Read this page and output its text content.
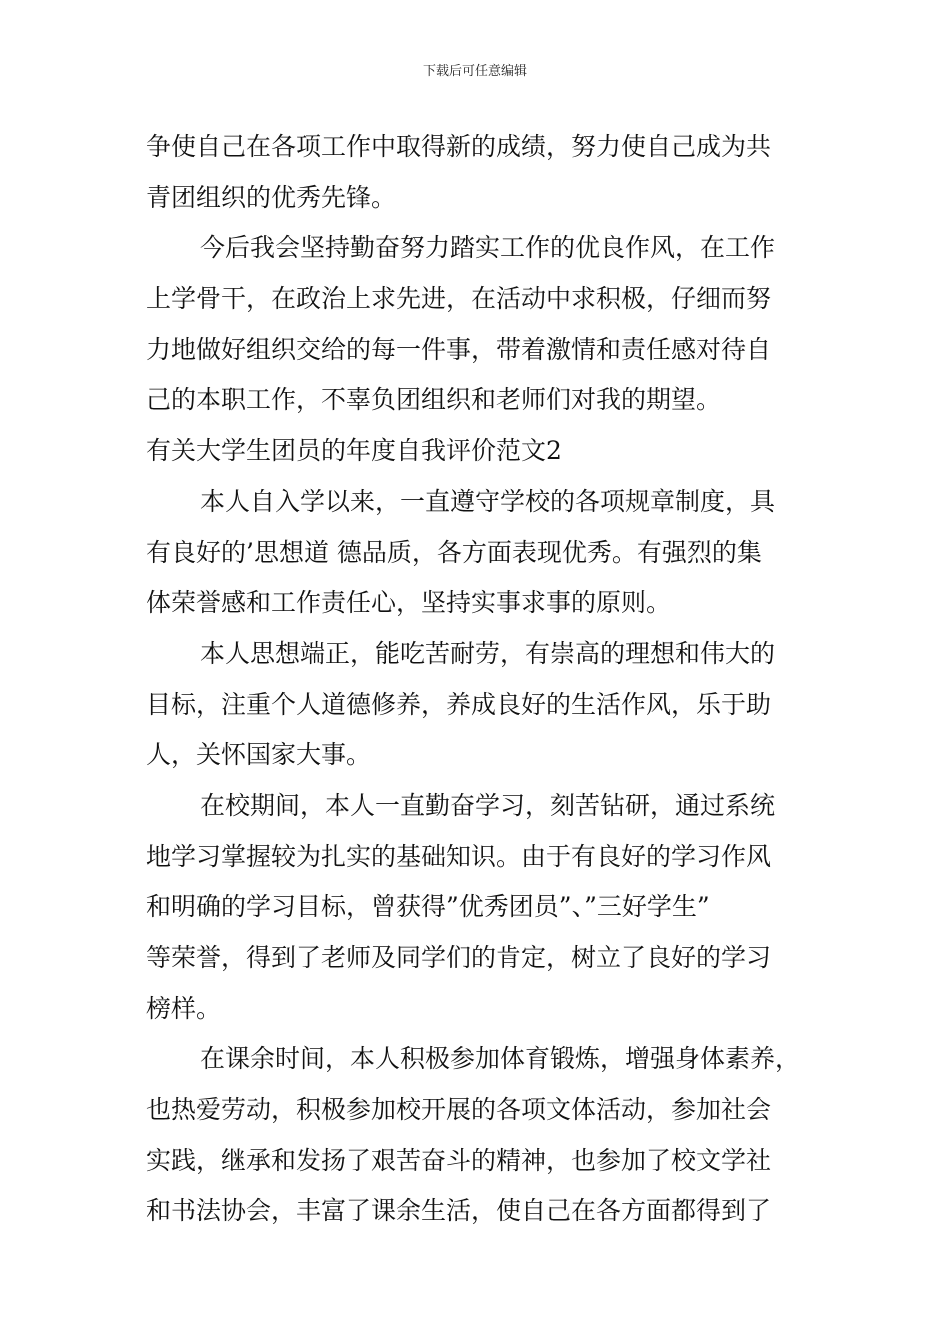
下载后可任意编辑
争使自己在各项工作中取得新的成绩，努力使自己成为共
青团组织的优秀先锋。
今后我会坚持勤奋努力踏实工作的优良作风，在工作
上学骨干，在政治上求先进，在活动中求积极，仔细而努
力地做好组织交给的每一件事，带着激情和责任感对待自
己的本职工作，不辜负团组织和老师们对我的期望。
有关大学生团员的年度自我评价范文2
本人自入学以来，一直遵守学校的各项规章制度，具
有良好的’思想道 德品质，各方面表现优秀。有强烈的集
体荣誉感和工作责任心，坚持实事求事的原则。
本人思想端正，能吃苦耐劳，有崇高的理想和伟大的
目标，注重个人道德修养，养成良好的生活作风，乐于助
人，关怀国家大事。
在校期间，本人一直勤奋学习，刻苦钻研，通过系统
地学习掌握较为扎实的基础知识。由于有良好的学习作风
和明确的学习目标，曾获得”优秀团员”、”三好学生”
等荣誉，得到了老师及同学们的肯定，树立了良好的学习
榜样。
在课余时间，本人积极参加体育锻炼，增强身体素养，
也热爱劳动，积极参加校开展的各项文体活动，参加社会
实践，继承和发扬了艰苦奋斗的精神，也参加了校文学社
和书法协会，丰富了课余生活，使自己在各方面都得到了
